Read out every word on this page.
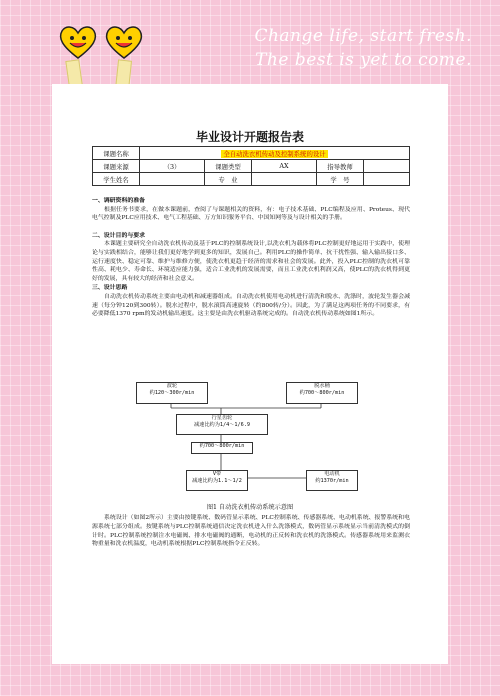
Change life, start fresh.
The best is yet to come.
毕业设计开题报告表
课题名称	全自动洗衣机传动及控制系统的设计				
课题来源	（3）	课题类型	AX	指导教师	
学生姓名		专　业		学　号	
一、调研资料的准备

根据任务书要求，在做本课题前，查阅了与课题相关的资料，有：电子技术基础、PLC编程及应用、Proteus、现代电气控制及PLC应用技术、电气工程基础、万方知识服务平台、中国知网等及与设计相关的手册。

二、设计目的与要求

本课题主要研究全自动洗衣机传动及基于PLC的控制系统设计,以洗衣机为载体将PLC控制更好地运用于实践中，使理论与实践相结合，能够让我们更好地学到更多的知识，发展自己。利用PLC的操作简单、抗干扰性强、输入输出接口多、运行速度快、稳定可靠、维护与维修方便，使洗衣机更趋于经济的需求和社会的发展。此外，投入PLC控制的洗衣机可靠性高、耗电少、寿命长、环境适应能力强，适合工业洗机的发展需要，而且工业洗衣机利润又高，使PLC的洗衣机得到更好的发展，具有较大的经济和社会意义。

三、设计思路

自动洗衣机传动系统主要由电动机和减速器组成。自动洗衣机使用电动机进行清洗和脱水、洗涤时，波轮发生器会减速（每分钟120到300转）。脱水过程中，脱水滚筒高速旋转（约800转/分）。因此，为了满足这两项任务的不同要求，有必要降低1370 rpm的发动机输出速度。这主要是由洗衣机驱动系统完成的。自动洗衣机传动系统如图1所示。

波轮
约120～300r/min
脱水桶
约700～800r/min
行星齿轮
减速比约为1/4～1/6.9
约700～800r/min
V带
减速比约为1.1～1/2
电动机
约1370r/min
图1 自动洗衣机传动系统示意图

系统设计（如图2所示）主要由按键系统、数码管显示系统、PLC控制系统、传感器系统、电动机系统、报警系统和电源系统七部分组成。按键系统与PLC控制系统通信决定洗衣机进入什么洗涤模式，数码管显示系统显示当前清洗模式的倒计时。PLC控制系统控制注水电磁阀、排水电磁阀的通断，电动机的正反转和洗衣机的洗涤模式。传感器系统用来监测衣物重量和洗衣机温度，电动机系统根据PLC控制系统指令正反转。
